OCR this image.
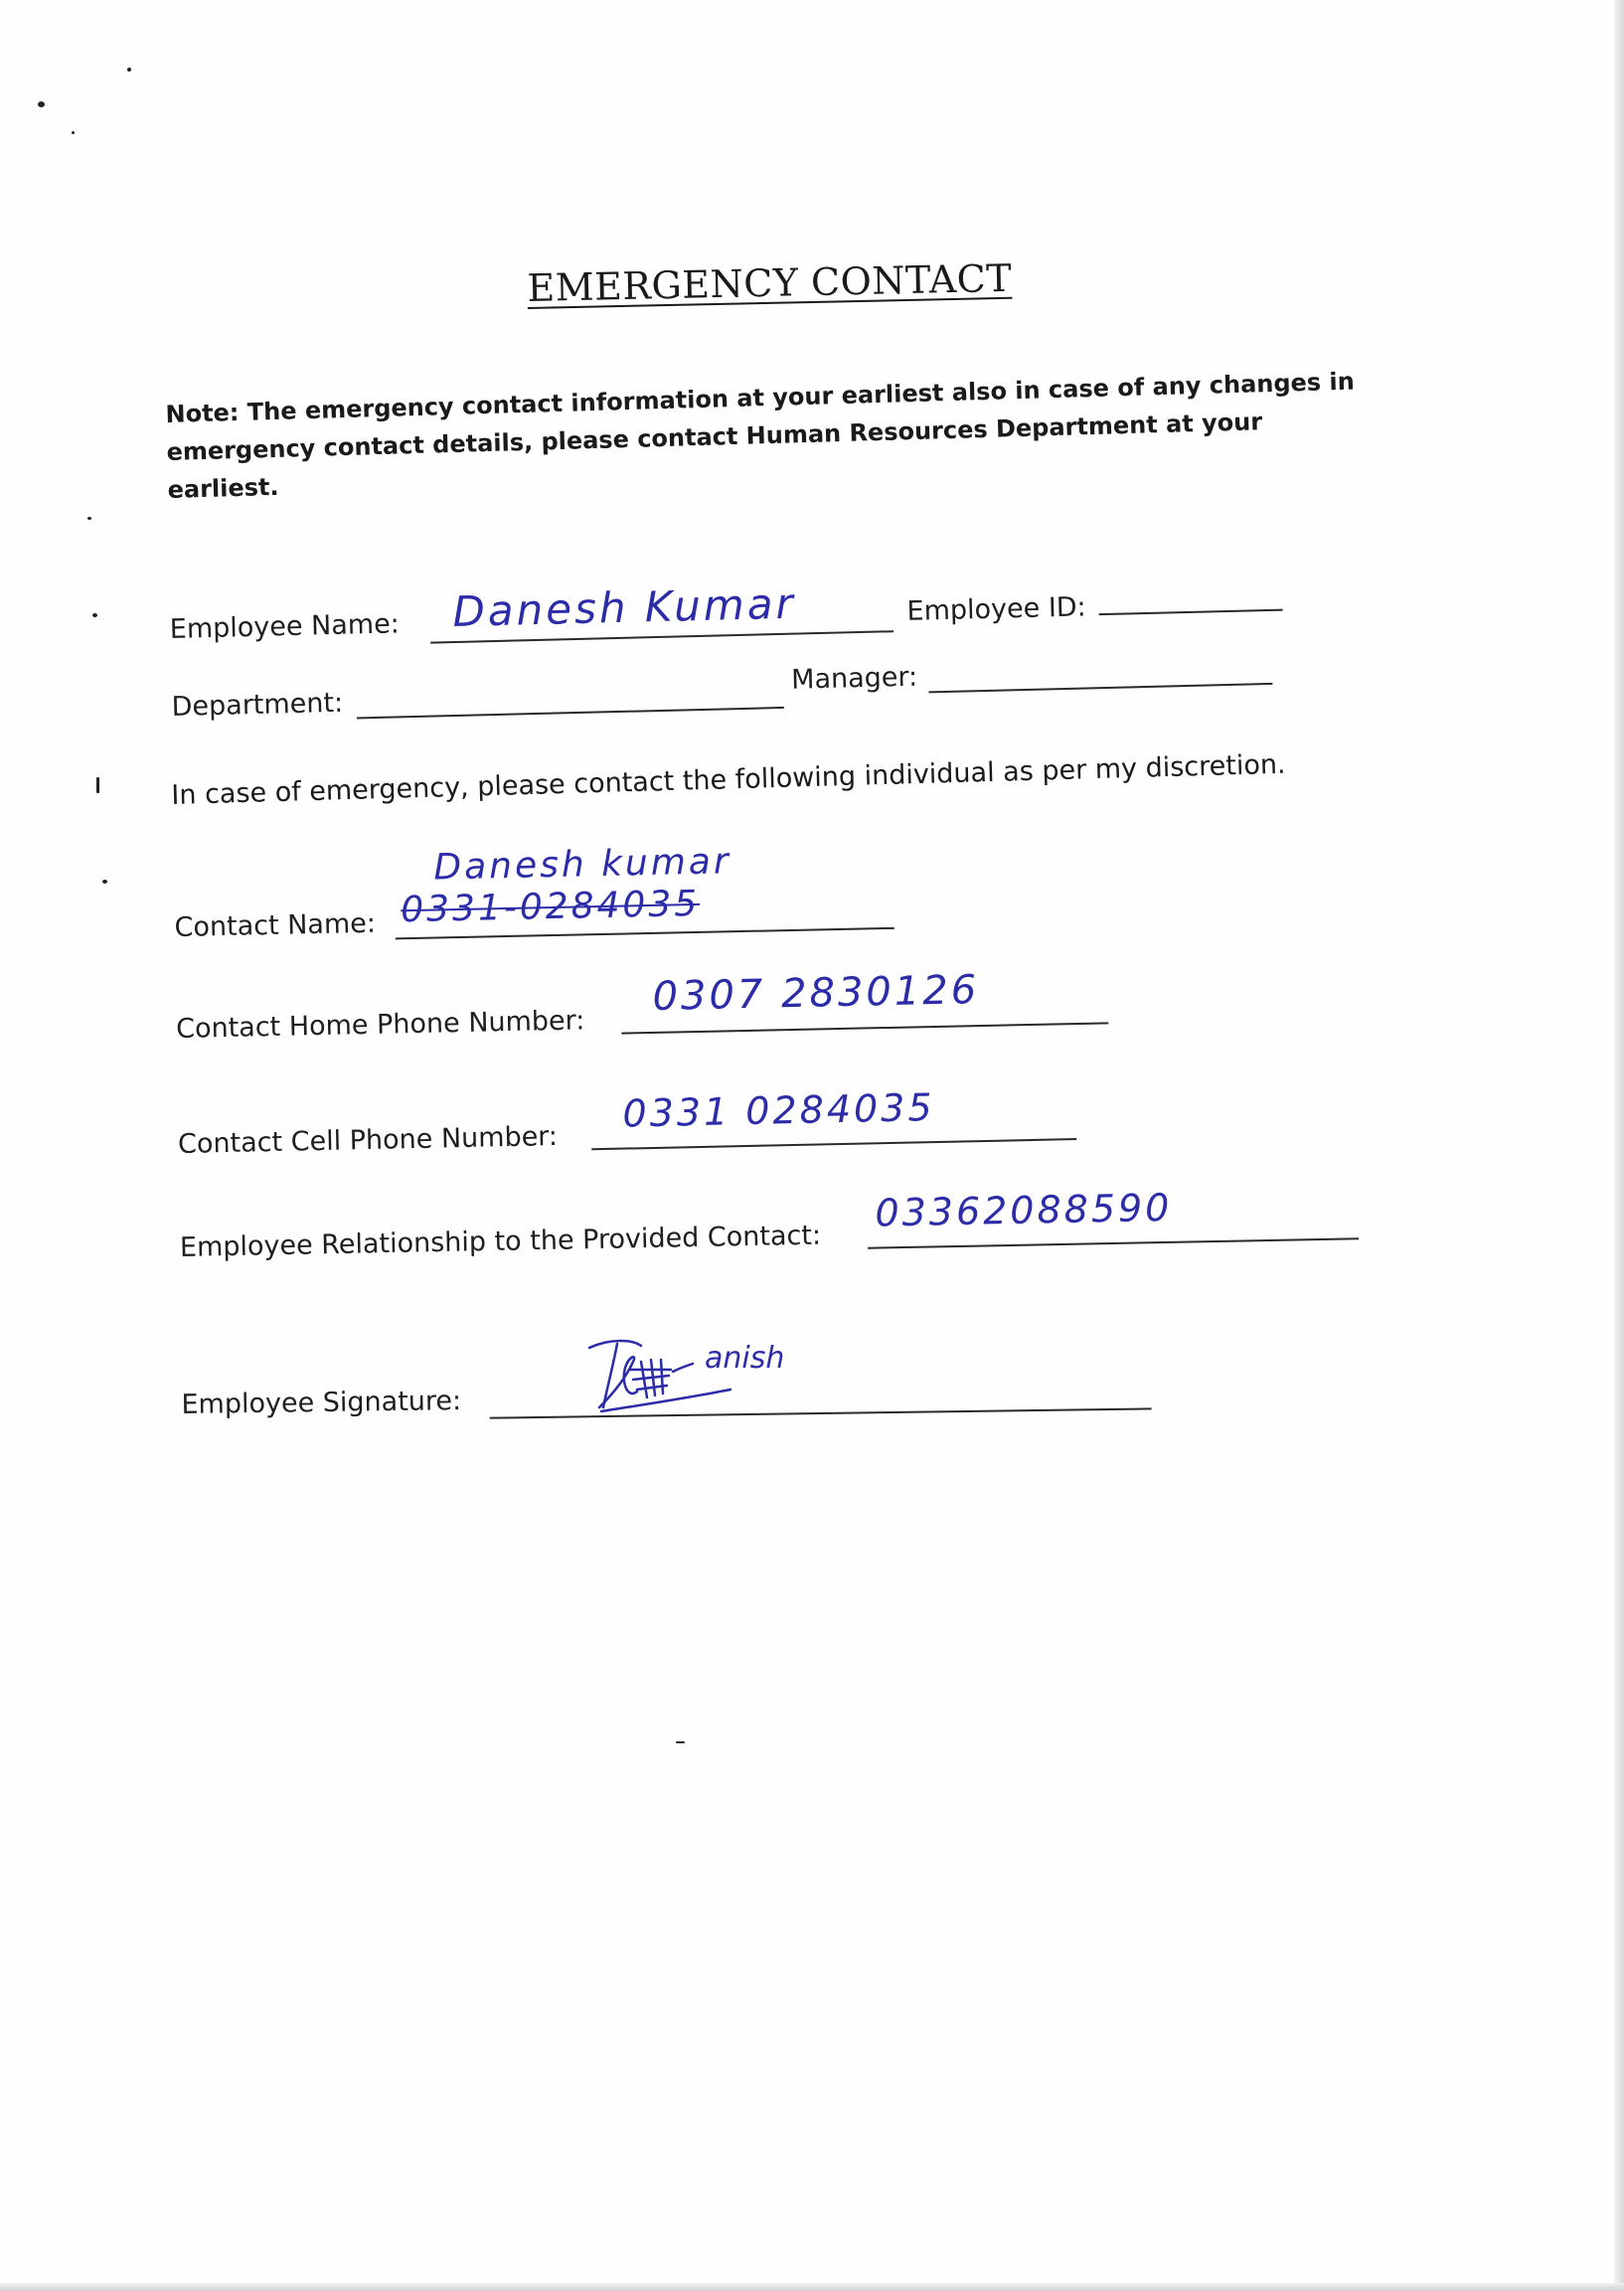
EMERGENCY CONTACT
Note: The emergency contact information at your earliest also in case of any changes in emergency contact details, please contact Human Resources Department at your earliest.
Employee Name: Danesh Kumar	Employee ID:
Department:
Manager:
In case of emergency, please contact the following individual as per my discretion.
Contact Name:
Danesh kumar
0331-0284035
Contact Home Phone Number:
0307 2830126
Contact Cell Phone Number:
0331 0284035
Employee Relationship to the Provided Contact:
03362088590
Employee Signature:
anish
